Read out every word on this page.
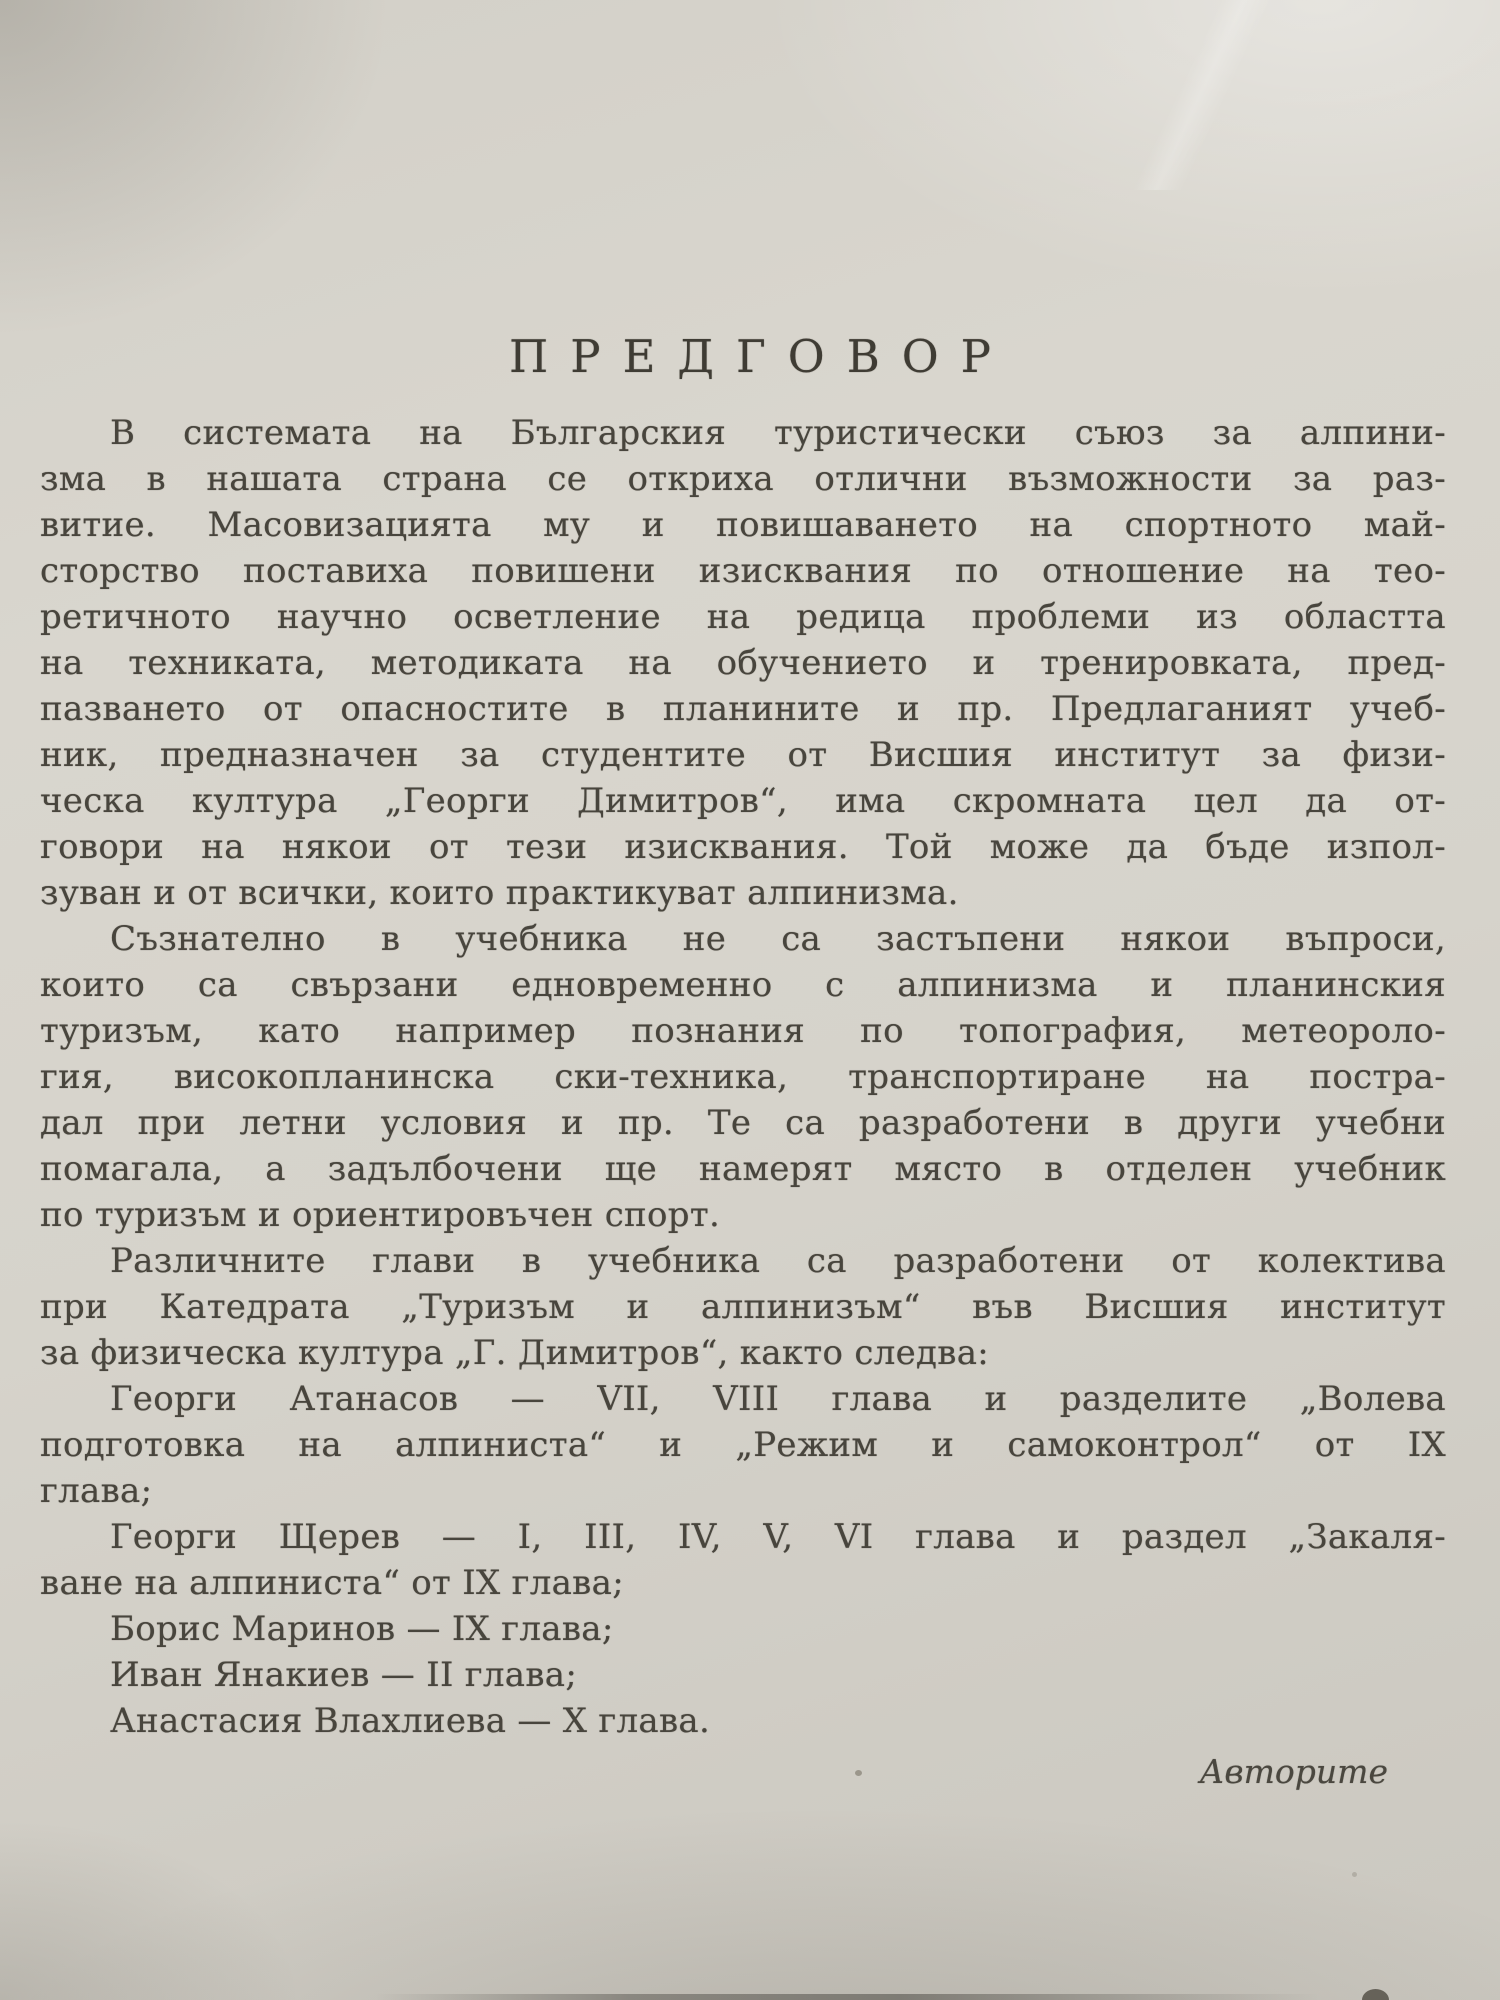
ПРЕДГОВОР
В системата на Българския туристически съюз за алпини-
зма в нашата страна се откриха отлични възможности за раз-
витие. Масовизацията му и повишаването на спортното май-
сторство поставиха повишени изисквания по отношение на тео-
ретичното научно осветление на редица проблеми из областта
на техниката, методиката на обучението и тренировката, пред-
пазването от опасностите в планините и пр. Предлаганият учеб-
ник, предназначен за студентите от Висшия институт за физи-
ческа култура „Георги Димитров“, има скромната цел да от-
говори на някои от тези изисквания. Той може да бъде изпол-
зуван и от всички, които практикуват алпинизма.
Съзнателно в учебника не са застъпени някои въпроси,
които са свързани едновременно с алпинизма и планинския
туризъм, като например познания по топография, метеороло-
гия, високопланинска ски-техника, транспортиране на постра-
дал при летни условия и пр. Те са разработени в други учебни
помагала, а задълбочени ще намерят място в отделен учебник
по туризъм и ориентировъчен спорт.
Различните глави в учебника са разработени от колектива
при Катедрата „Туризъм и алпинизъм“ във Висшия институт
за физическа култура „Г. Димитров“, както следва:
Георги Атанасов — VII, VIII глава и разделите „Волева
подготовка на алпиниста“ и „Режим и самоконтрол“ от IX
глава;
Георги Щерев — I, III, IV, V, VI глава и раздел „Закаля-
ване на алпиниста“ от IX глава;
Борис Маринов — IX глава;
Иван Янакиев — II глава;
Анастасия Влахлиева — X глава.
Авторите
